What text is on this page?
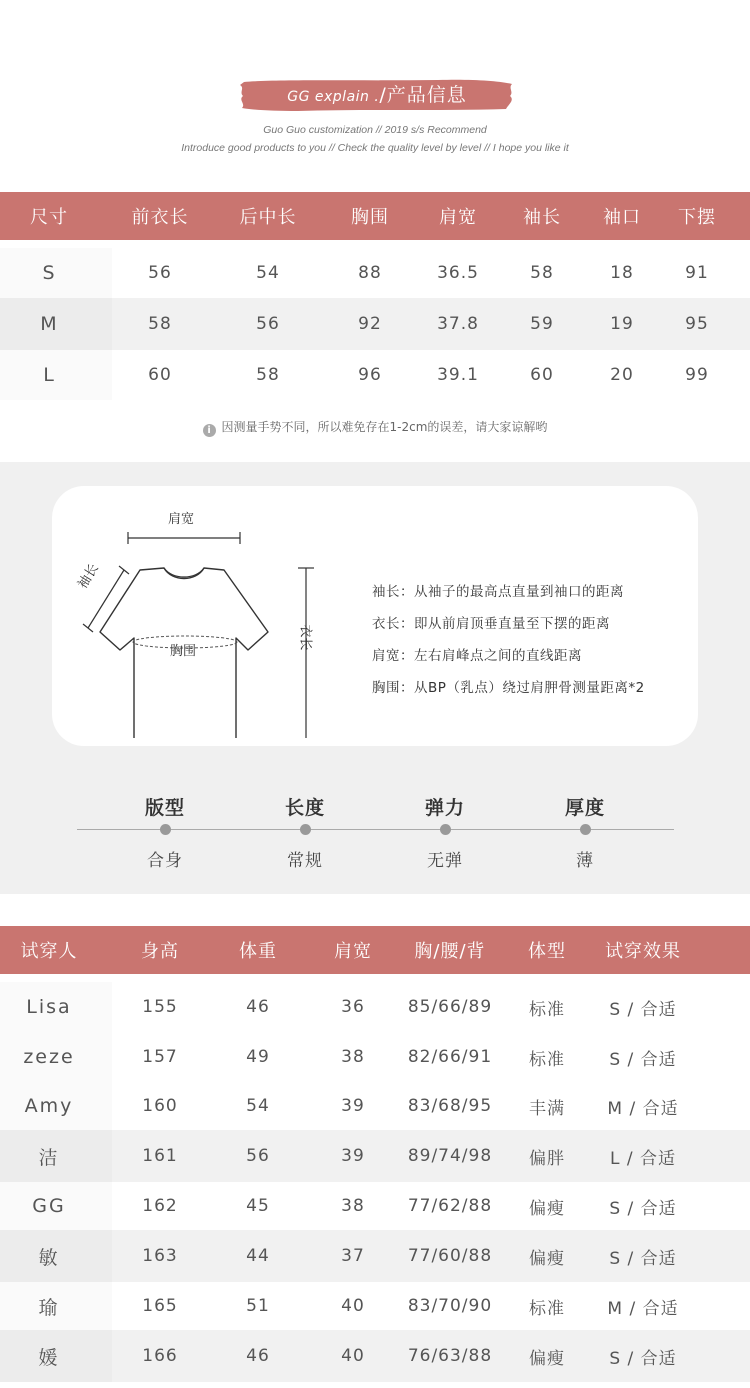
GG explain ./产品信息
Guo Guo customization // 2019 s/s Recommend
Introduce good products to you // Check the quality level by level // I hope you like it
尺寸	前衣长	后中长	胸围	肩宽	袖长	袖口	下摆
S	56	54	88	36.5	58	18	91
M	58	56	92	37.8	59	19	95
L	60	58	96	39.1	60	20	99
i 因测量手势不同，所以难免存在1-2cm的误差，请大家谅解哟
肩宽
袖长
胸围
衣长
袖长：从袖子的最高点直量到袖口的距离
衣长：即从前肩顶垂直量至下摆的距离
肩宽：左右肩峰点之间的直线距离
胸围：从BP（乳点）绕过肩胛骨测量距离*2
版型
合身
长度
常规
弹力
无弹
厚度
薄
试穿人	身高	体重	肩宽	胸/腰/背	体型	试穿效果
Lisa	155	46	36	85/66/89	标准	S / 合适
zeze	157	49	38	82/66/91	标准	S / 合适
Amy	160	54	39	83/68/95	丰满	M / 合适
洁	161	56	39	89/74/98	偏胖	L / 合适
GG	162	45	38	77/62/88	偏瘦	S / 合适
敏	163	44	37	77/60/88	偏瘦	S / 合适
瑜	165	51	40	83/70/90	标准	M / 合适
媛	166	46	40	76/63/88	偏瘦	S / 合适
